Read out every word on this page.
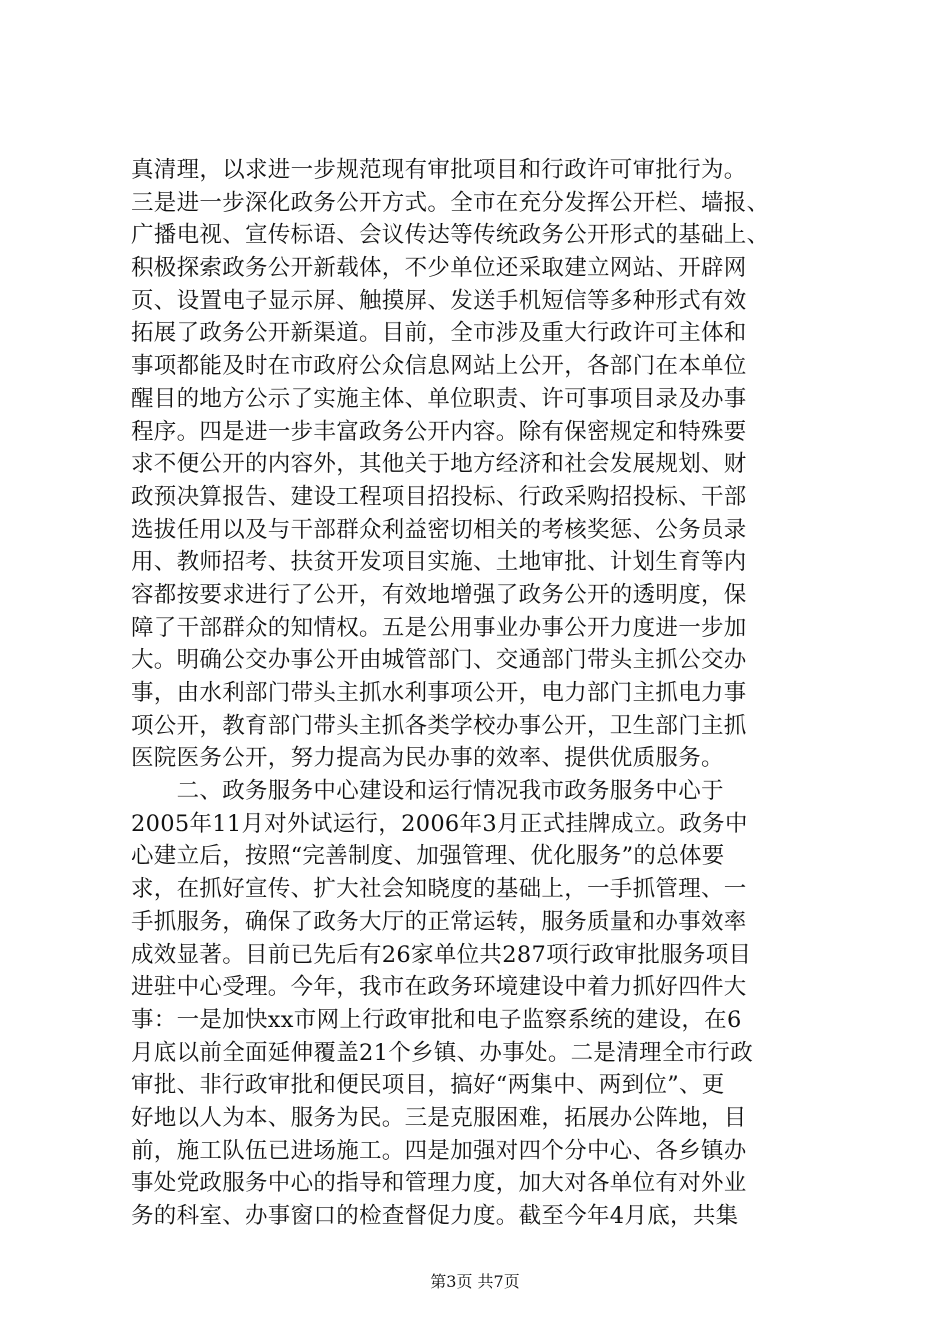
真清理，以求进一步规范现有审批项目和行政许可审批行为。
三是进一步深化政务公开方式。全市在充分发挥公开栏、墙报、
广播电视、宣传标语、会议传达等传统政务公开形式的基础上、
积极探索政务公开新载体，不少单位还采取建立网站、开辟网
页、设置电子显示屏、触摸屏、发送手机短信等多种形式有效
拓展了政务公开新渠道。目前，全市涉及重大行政许可主体和
事项都能及时在市政府公众信息网站上公开，各部门在本单位
醒目的地方公示了实施主体、单位职责、许可事项目录及办事
程序。四是进一步丰富政务公开内容。除有保密规定和特殊要
求不便公开的内容外，其他关于地方经济和社会发展规划、财
政预决算报告、建设工程项目招投标、行政采购招投标、干部
选拔任用以及与干部群众利益密切相关的考核奖惩、公务员录
用、教师招考、扶贫开发项目实施、土地审批、计划生育等内
容都按要求进行了公开，有效地增强了政务公开的透明度，保
障了干部群众的知情权。五是公用事业办事公开力度进一步加
大。明确公交办事公开由城管部门、交通部门带头主抓公交办
事，由水利部门带头主抓水利事项公开，电力部门主抓电力事
项公开，教育部门带头主抓各类学校办事公开，卫生部门主抓
医院医务公开，努力提高为民办事的效率、提供优质服务。
　　二、政务服务中心建设和运行情况我市政务服务中心于
2005年11月对外试运行，2006年3月正式挂牌成立。政务中
心建立后，按照“完善制度、加强管理、优化服务”的总体要
求，在抓好宣传、扩大社会知晓度的基础上，一手抓管理、一
手抓服务，确保了政务大厅的正常运转，服务质量和办事效率
成效显著。目前已先后有26家单位共287项行政审批服务项目
进驻中心受理。今年，我市在政务环境建设中着力抓好四件大
事：一是加快xx市网上行政审批和电子监察系统的建设，在6
月底以前全面延伸覆盖21个乡镇、办事处。二是清理全市行政
审批、非行政审批和便民项目，搞好“两集中、两到位”、更
好地以人为本、服务为民。三是克服困难，拓展办公阵地，目
前，施工队伍已进场施工。四是加强对四个分中心、各乡镇办
事处党政服务中心的指导和管理力度，加大对各单位有对外业
务的科室、办事窗口的检查督促力度。截至今年4月底，共集
第3页 共7页
